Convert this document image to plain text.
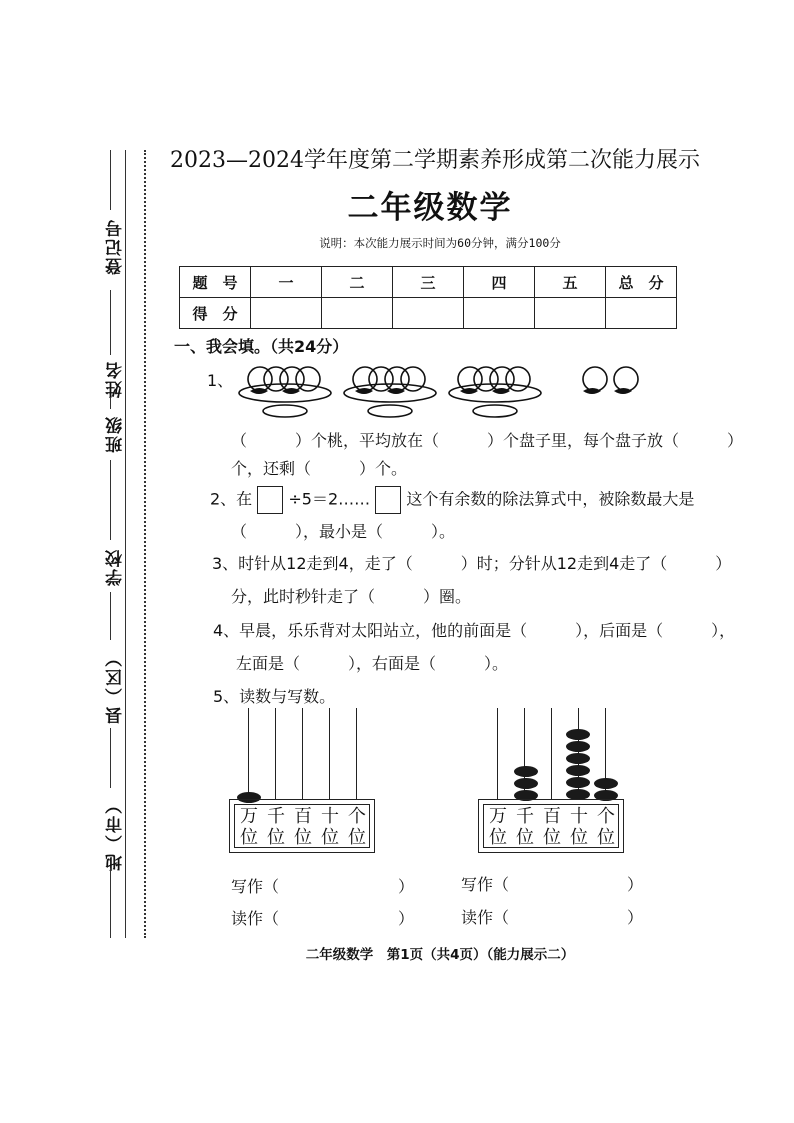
登记号
姓名
班级
学校
县（区）
地（市）
2023—2024学年度第二学期素养形成第二次能力展示
二年级数学
说明：本次能力展示时间为60分钟，满分100分
题　号	一	二	三	四	五	总　分
得　分						
一、我会填。（共24分）
1、
（　　　）个桃，平均放在（　　　）个盘子里，每个盘子放（　　　）
个，还剩（　　　）个。
2、在 ÷5＝2…… 这个有余数的除法算式中，被除数最大是
（　　　），最小是（　　　）。
3、时针从12走到4，走了（　　　）时；分针从12走到4走了（　　　）
分，此时秒针走了（　　　）圈。
4、早晨，乐乐背对太阳站立，他的前面是（　　　），后面是（　　　），
左面是（　　　），右面是（　　　）。
5、读数与写数。
万 千 百 十 个
位 位 位 位 位
万 千 百 十 个
位 位 位 位 位
写作（	）
读作（	）
写作（	）
读作（	）
二年级数学　第1页（共4页）（能力展示二）
